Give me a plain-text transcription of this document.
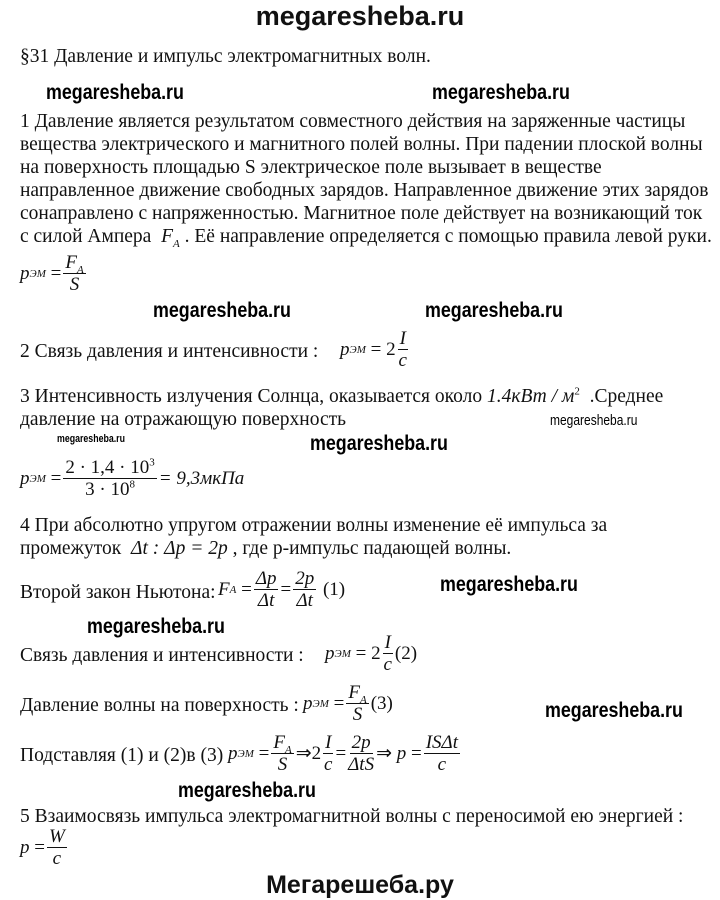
megaresheba.ru
§31 Давление и импульс электромагнитных волн.
megaresheba.ru	megaresheba.ru
1 Давление является результатом совместного действия на заряженные частицы
вещества электрического и магнитного полей волны. При падении плоской волны
на поверхность площадью S электрическое поле вызывает в веществе
направленное движение свободных зарядов. Направленное движение этих зарядов
сонаправлено с напряженностью. Магнитное поле действует на возникающий ток
с силой Ампера $F_A$ . Её направление определяется с помощью правила левой руки.
p ЭМ
= $\frac{F_A}{S}$
megaresheba.ru
megaresheba.ru
2 Связь давления и интенсивности : p ЭМ
=
$2 \frac{I}{c}$
3 Интенсивность излучения Солнца, оказывается около $1.4кВт / м^2$ .Среднее
давление на отражающую поверхность	megaresheba.ru
megaresheba.ru	megaresheba.ru
p ЭМ
= $\frac{2 \cdot 1,4 \cdot 10^3}{3 \cdot 10^8}$ = 9,3мкПа
4 При абсолютно упругом отражении волны изменение её импульса за
промежуток Δt : Δp = 2p , где p-импульс падающей волны.
Второй закон Ньютона: F A
= $\frac{\Delta p}{\Delta t} = \frac{2p}{\Delta t}$
(1)	megaresheba.ru
megaresheba.ru
Связь давления и интенсивности : p ЭМ
=
$2 \frac{I}{c} (2)$
Давление волны на поверхность : p ЭМ
= $\frac{F_A}{S} (3)$	megaresheba.ru
Подставляя (1) и (2)в (3) p ЭМ
= $\frac{F_A}{S}$ ⇒ $2 \frac{I}{c} = \frac{2p}{\text{ΔtS}}$ ⇒
p
= $\frac{\text{ISΔt}}{c}$
megaresheba.ru
5 Взаимосвязь импульса электромагнитной волны с переносимой ею энергией :
p
= $\frac{W}{c}$
Мегарешеба.ру
